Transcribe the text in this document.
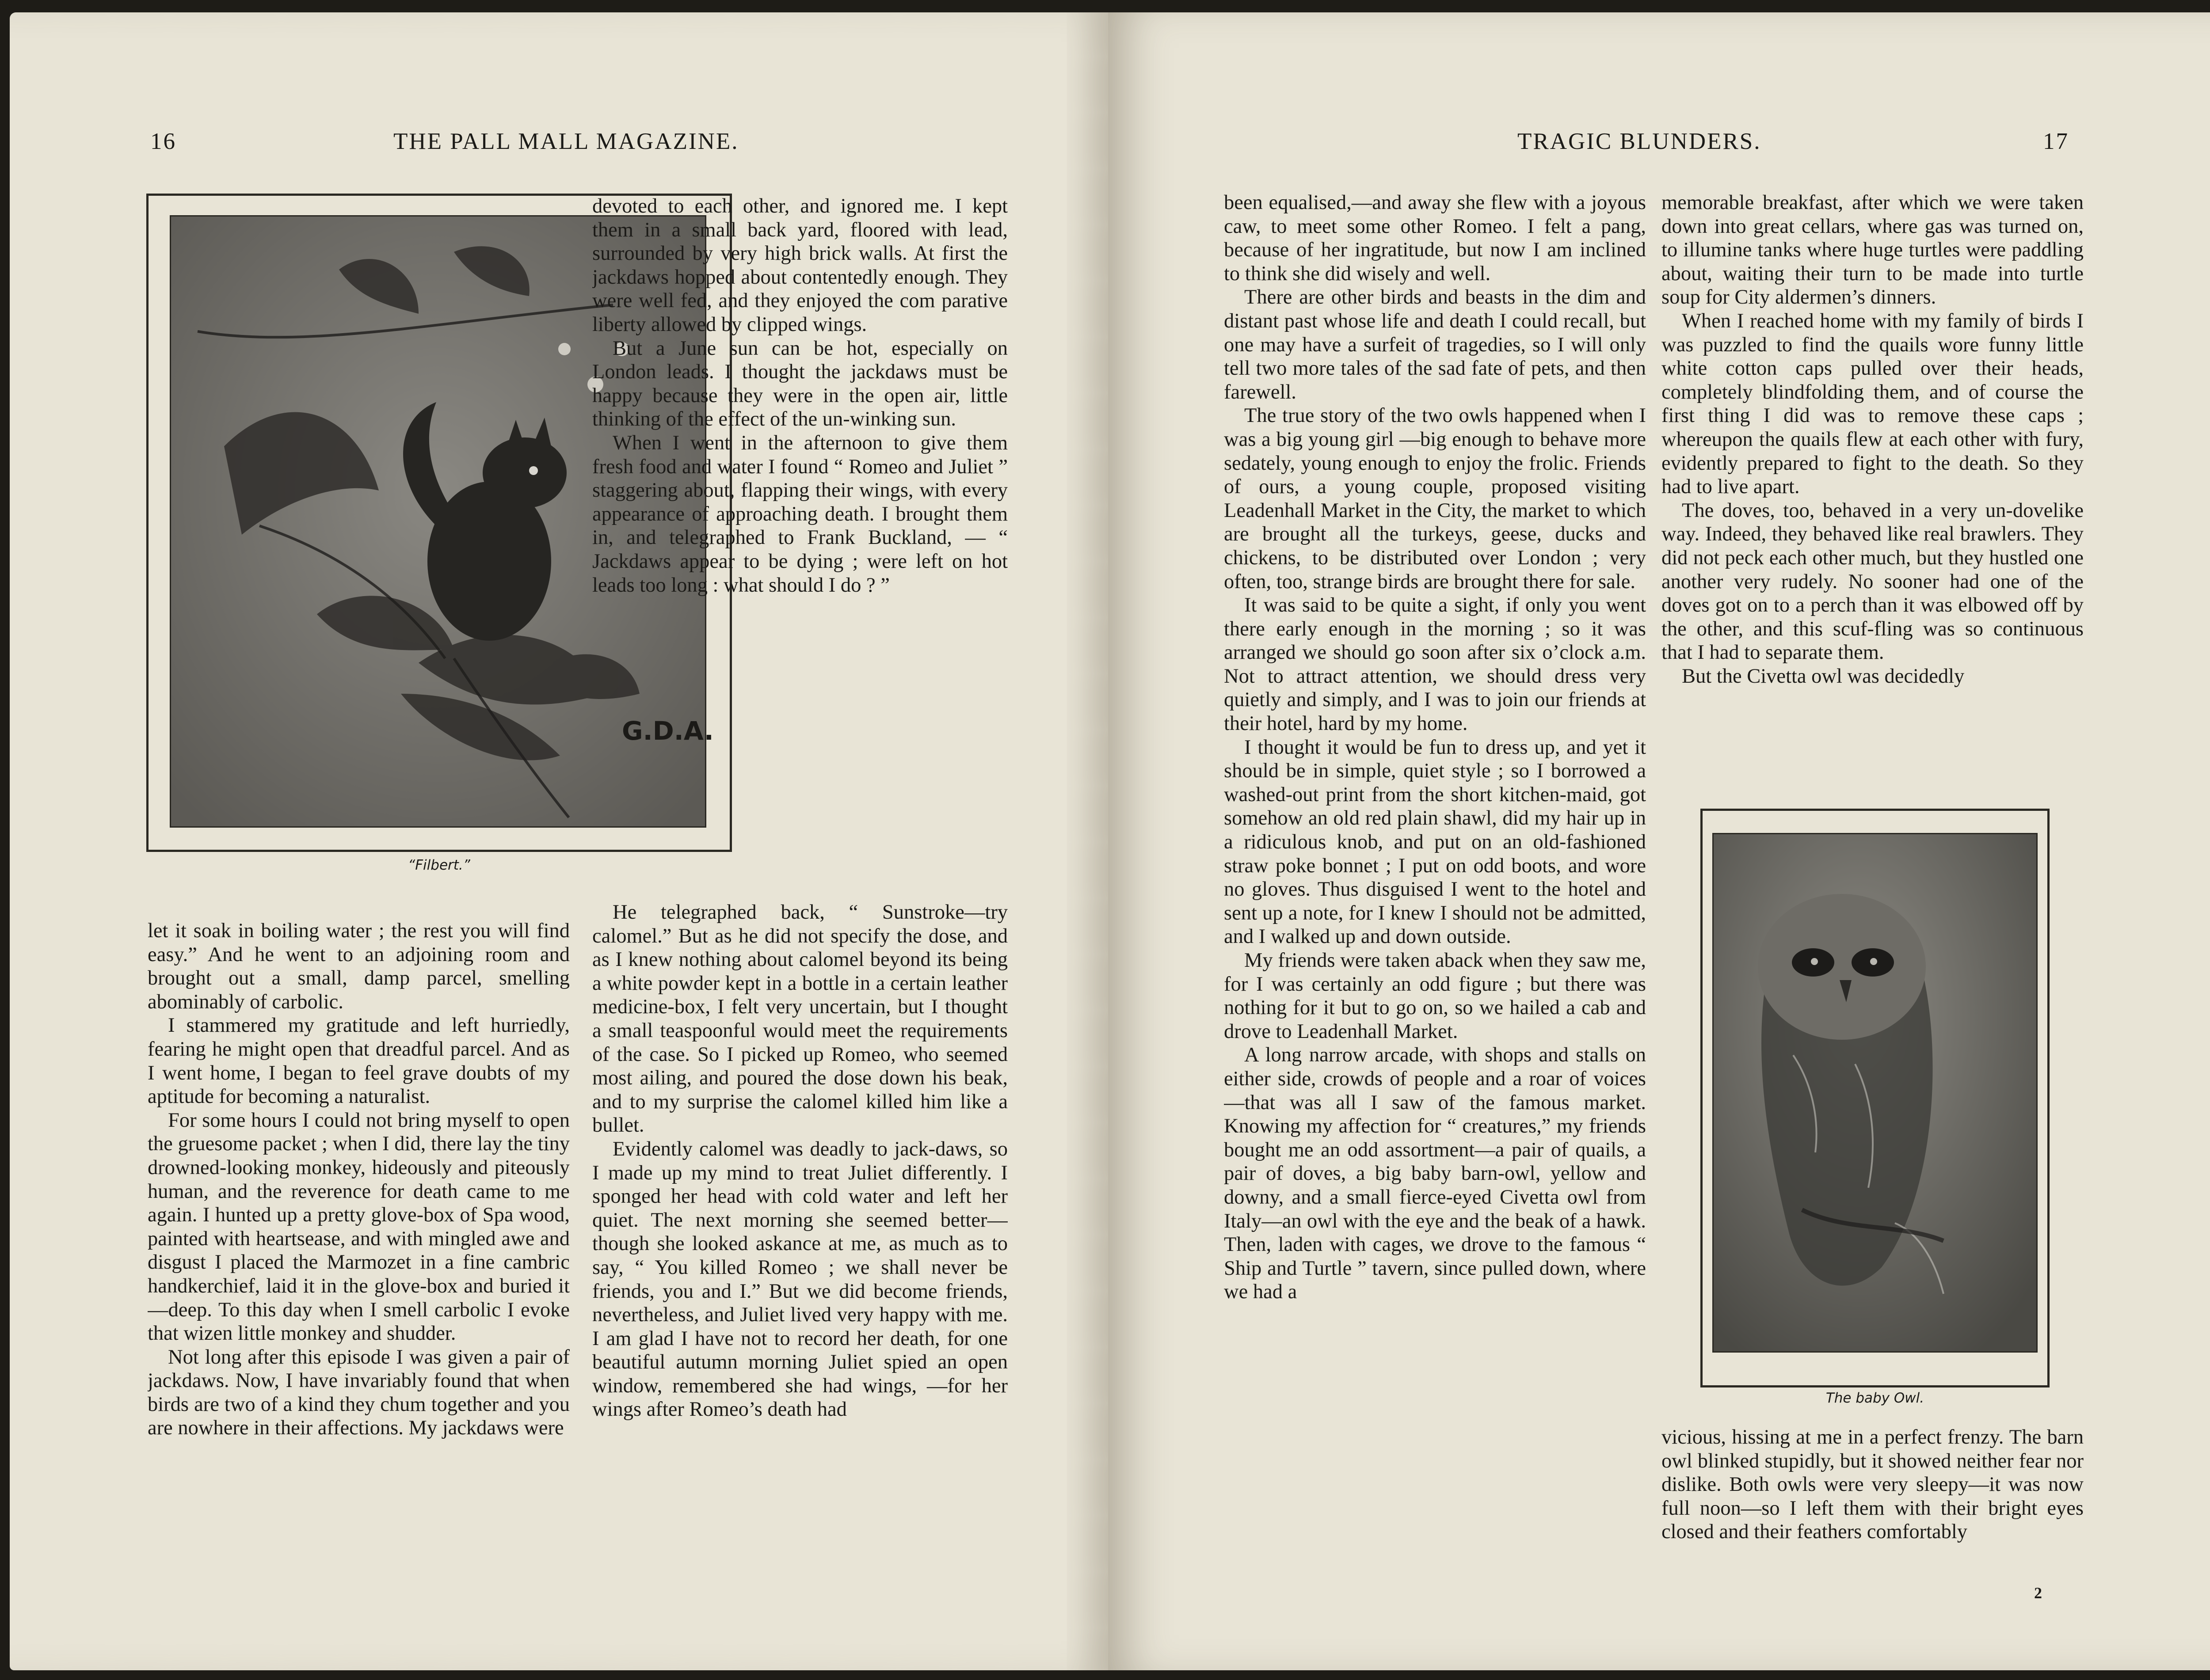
16	THE PALL MALL MAGAZINE.
G.D.A.
“Filbert.”

devoted to each other, and ignored me. I kept them in a small back yard, floored with lead, surrounded by very high brick walls. At first the jackdaws hopped about contentedly enough. They were well fed, and they enjoyed the com parative liberty allowed by clipped wings.

But a June sun can be hot, especially on London leads. I thought the jackdaws must be happy because they were in the open air, little thinking of the effect of the un-winking sun.

When I went in the afternoon to give them fresh food and water I found “ Romeo and Juliet ” staggering about, flapping their wings, with every appearance of approaching death. I brought them in, and telegraphed to Frank Buckland, — “ Jackdaws appear to be dying ; were left on hot leads too long : what should I do ? ”

He telegraphed back, “ Sunstroke—try calomel.” But as he did not specify the dose, and as I knew nothing about calomel beyond its being a white powder kept in a bottle in a certain leather medicine-box, I felt very uncertain, but I thought a small teaspoonful would meet the requirements of the case. So I picked up Romeo, who seemed most ailing, and poured the dose down his beak, and to my surprise the calomel killed him like a bullet.

Evidently calomel was deadly to jack-daws, so I made up my mind to treat Juliet differently. I sponged her head with cold water and left her quiet. The next morning she seemed better—though she looked askance at me, as much as to say, “ You killed Romeo ; we shall never be friends, you and I.” But we did become friends, nevertheless, and Juliet lived very happy with me. I am glad I have not to record her death, for one beautiful autumn morning Juliet spied an open window, remembered she had wings, —for her wings after Romeo’s death had

let it soak in boiling water ; the rest you will find easy.” And he went to an adjoining room and brought out a small, damp parcel, smelling abominably of carbolic.

I stammered my gratitude and left hurriedly, fearing he might open that dreadful parcel. And as I went home, I began to feel grave doubts of my aptitude for becoming a naturalist.

For some hours I could not bring myself to open the gruesome packet ; when I did, there lay the tiny drowned-looking monkey, hideously and piteously human, and the reverence for death came to me again. I hunted up a pretty glove-box of Spa wood, painted with heartsease, and with mingled awe and disgust I placed the Marmozet in a fine cambric handkerchief, laid it in the glove-box and buried it—deep. To this day when I smell carbolic I evoke that wizen little monkey and shudder.

Not long after this episode I was given a pair of jackdaws. Now, I have invariably found that when birds are two of a kind they chum together and you are nowhere in their affections. My jackdaws were

TRAGIC BLUNDERS.	17

been equalised,—and away she flew with a joyous caw, to meet some other Romeo. I felt a pang, because of her ingratitude, but now I am inclined to think she did wisely and well.

There are other birds and beasts in the dim and distant past whose life and death I could recall, but one may have a surfeit of tragedies, so I will only tell two more tales of the sad fate of pets, and then farewell.

The true story of the two owls happened when I was a big young girl —big enough to behave more sedately, young enough to enjoy the frolic. Friends of ours, a young couple, proposed visiting Leadenhall Market in the City, the market to which are brought all the turkeys, geese, ducks and chickens, to be distributed over London ; very often, too, strange birds are brought there for sale.

It was said to be quite a sight, if only you went there early enough in the morning ; so it was arranged we should go soon after six o’clock a.m. Not to attract attention, we should dress very quietly and simply, and I was to join our friends at their hotel, hard by my home.

I thought it would be fun to dress up, and yet it should be in simple, quiet style ; so I borrowed a washed-out print from the short kitchen-maid, got somehow an old red plain shawl, did my hair up in a ridiculous knob, and put on an old-fashioned straw poke bonnet ; I put on odd boots, and wore no gloves. Thus disguised I went to the hotel and sent up a note, for I knew I should not be admitted, and I walked up and down outside.

My friends were taken aback when they saw me, for I was certainly an odd figure ; but there was nothing for it but to go on, so we hailed a cab and drove to Leadenhall Market.

A long narrow arcade, with shops and stalls on either side, crowds of people and a roar of voices—that was all I saw of the famous market. Knowing my affection for “ creatures,” my friends bought me an odd assortment—a pair of quails, a pair of doves, a big baby barn-owl, yellow and downy, and a small fierce-eyed Civetta owl from Italy—an owl with the eye and the beak of a hawk. Then, laden with cages, we drove to the famous “ Ship and Turtle ” tavern, since pulled down, where we had a

memorable breakfast, after which we were taken down into great cellars, where gas was turned on, to illumine tanks where huge turtles were paddling about, waiting their turn to be made into turtle soup for City aldermen’s dinners.

When I reached home with my family of birds I was puzzled to find the quails wore funny little white cotton caps pulled over their heads, completely blindfolding them, and of course the first thing I did was to remove these caps ; whereupon the quails flew at each other with fury, evidently prepared to fight to the death. So they had to live apart.

The doves, too, behaved in a very un-dovelike way. Indeed, they behaved like real brawlers. They did not peck each other much, but they hustled one another very rudely. No sooner had one of the doves got on to a perch than it was elbowed off by the other, and this scuf-fling was so continuous that I had to separate them.

But the Civetta owl was decidedly

The baby Owl.

vicious, hissing at me in a perfect frenzy. The barn owl blinked stupidly, but it showed neither fear nor dislike. Both owls were very sleepy—it was now full noon—so I left them with their bright eyes closed and their feathers comfortably

2
